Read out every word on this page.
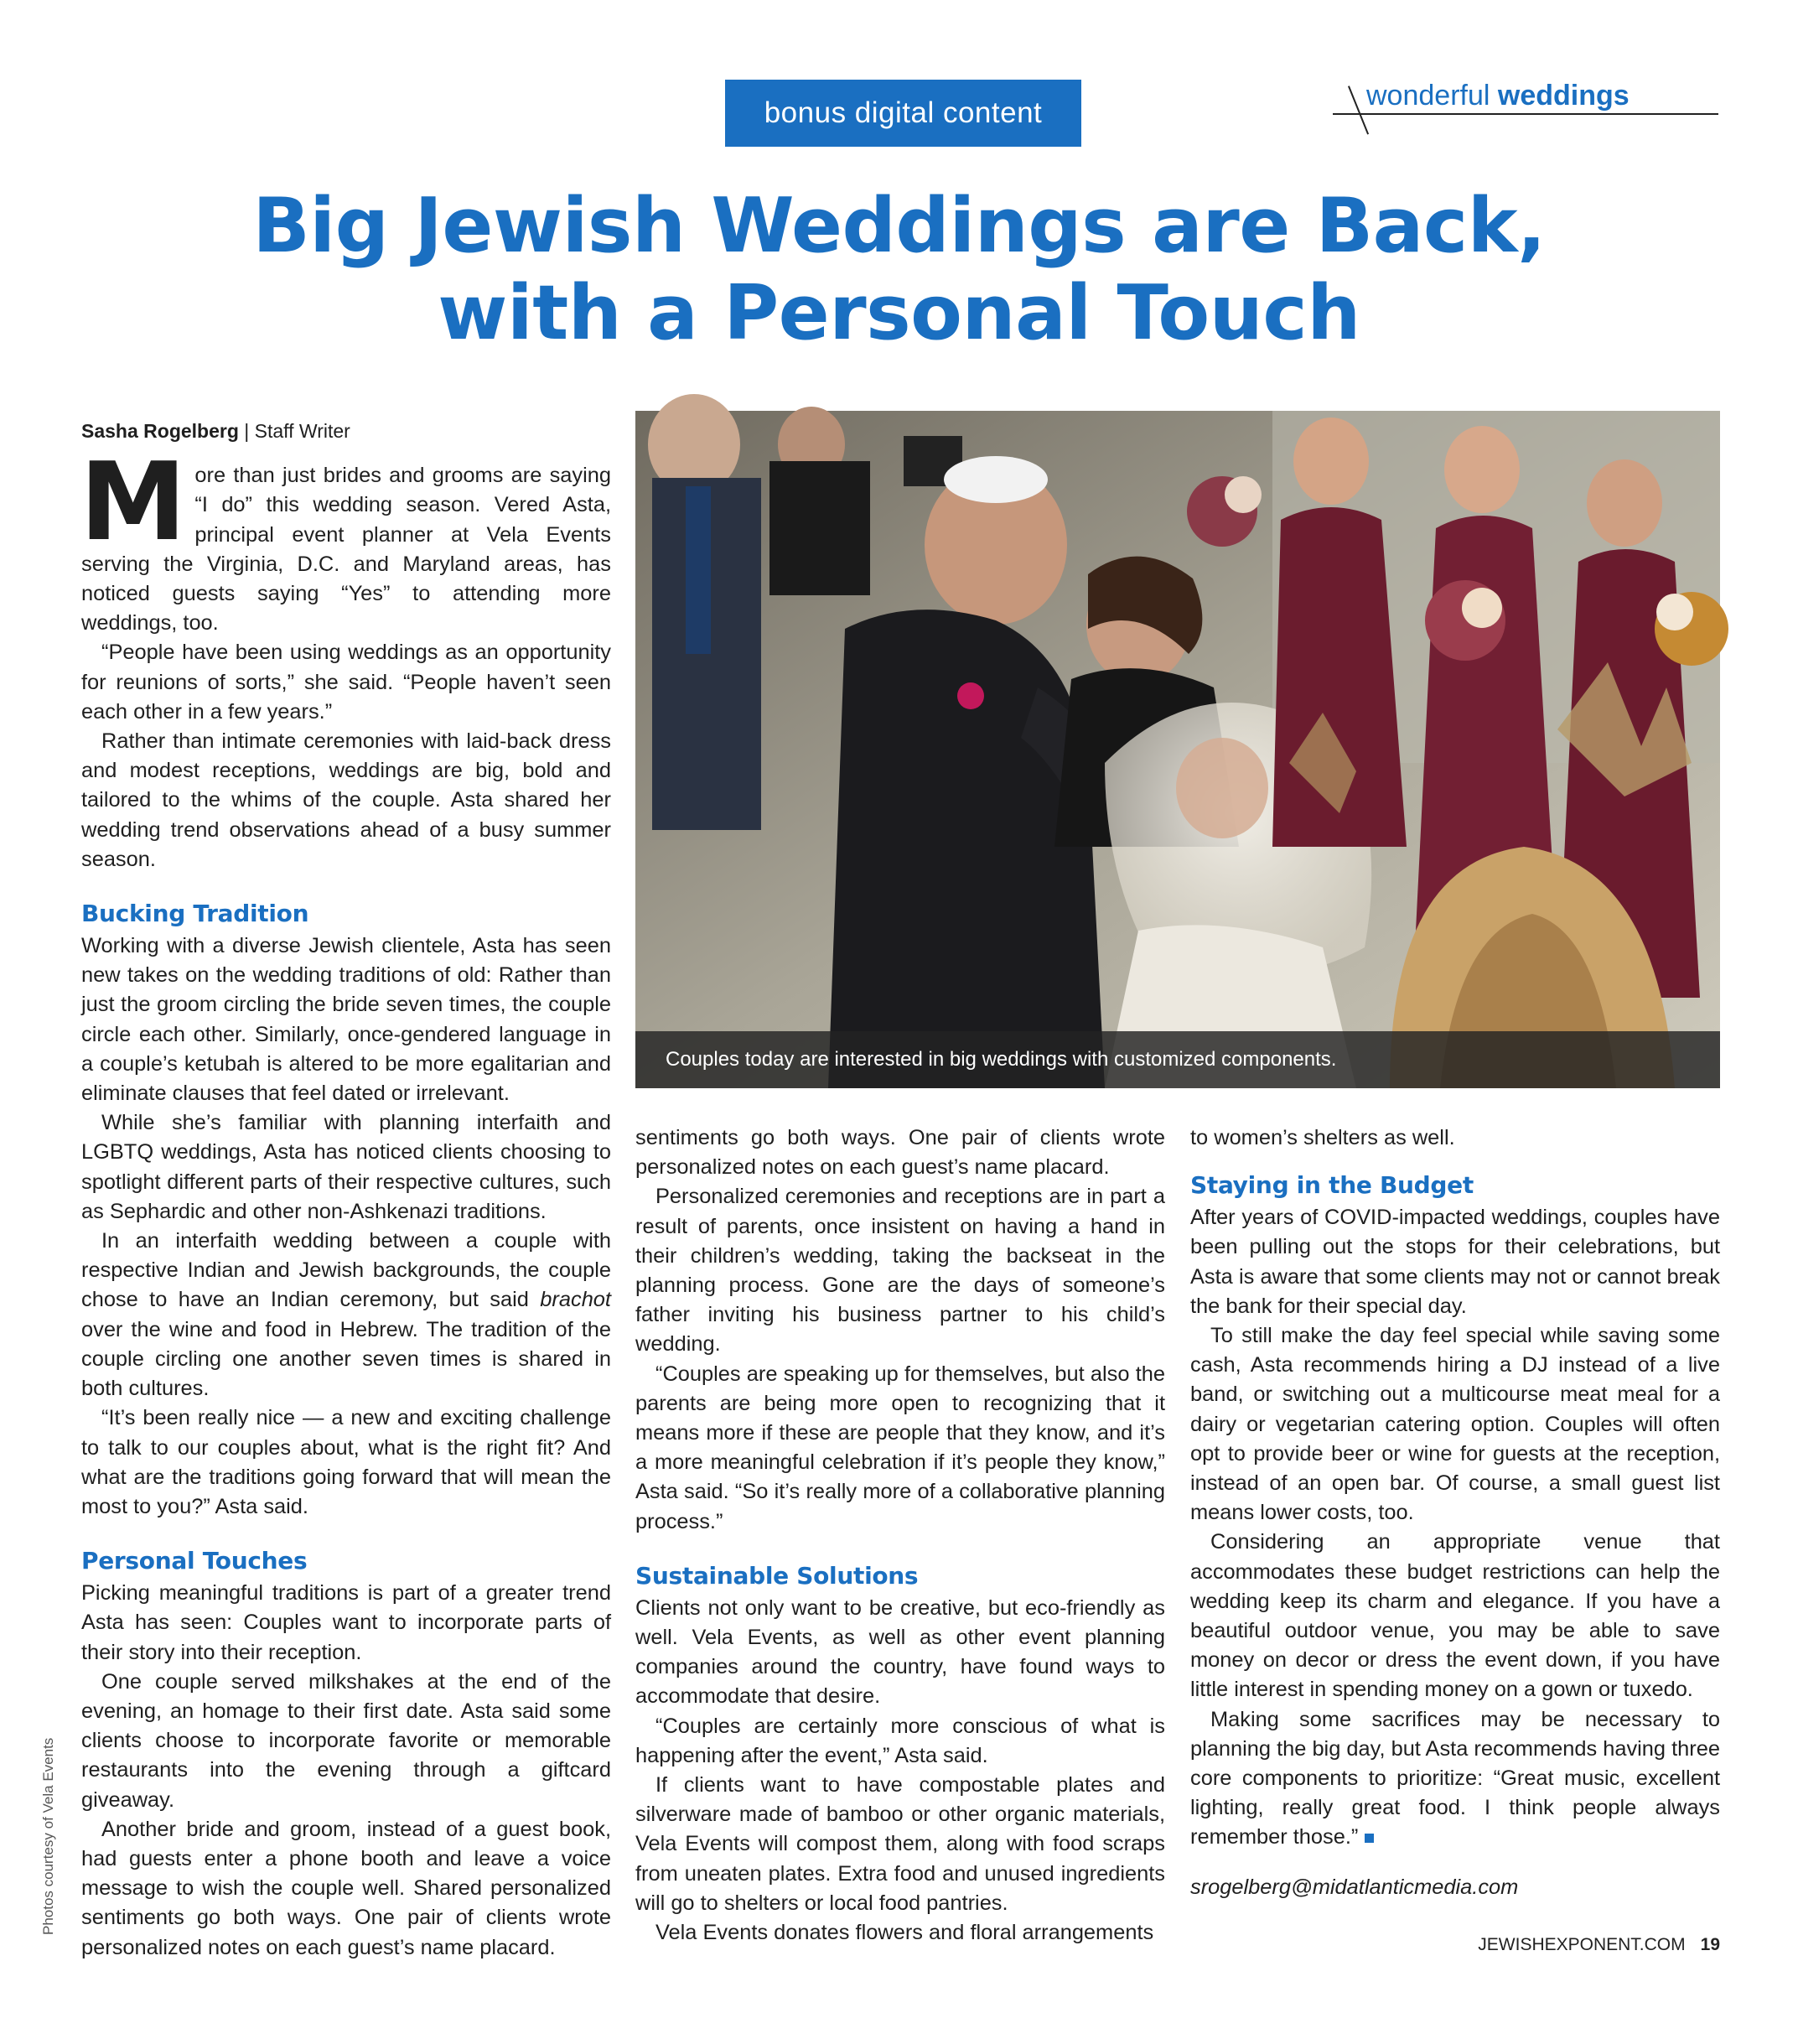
bonus digital content
wonderful weddings
Big Jewish Weddings are Back,
with a Personal Touch
Sasha Rogelberg | Staff Writer

More than just brides and grooms are saying “I do” this wedding season. Vered Asta, principal event planner at Vela Events serving the Virginia, D.C. and Maryland areas, has noticed guests saying “Yes” to attending more weddings, too.

“People have been using weddings as an opportunity for reunions of sorts,” she said. “People haven’t seen each other in a few years.”

Rather than intimate ceremonies with laid-back dress and modest receptions, weddings are big, bold and tailored to the whims of the couple. Asta shared her wedding trend observations ahead of a busy summer season.

Bucking Tradition

Working with a diverse Jewish clientele, Asta has seen new takes on the wedding traditions of old: Rather than just the groom circling the bride seven times, the couple circle each other. Similarly, once-gendered language in a couple’s ketubah is altered to be more egalitarian and eliminate clauses that feel dated or irrelevant.

While she’s familiar with planning interfaith and LGBTQ weddings, Asta has noticed clients choosing to spotlight different parts of their respective cultures, such as Sephardic and other non-Ashkenazi traditions.

In an interfaith wedding between a couple with respective Indian and Jewish backgrounds, the couple chose to have an Indian ceremony, but said brachot over the wine and food in Hebrew. The tradition of the couple circling one another seven times is shared in both cultures.

“It’s been really nice — a new and exciting challenge to talk to our couples about, what is the right fit? And what are the traditions going forward that will mean the most to you?” Asta said.

Personal Touches

Picking meaningful traditions is part of a greater trend Asta has seen: Couples want to incorporate parts of their story into their reception.

One couple served milkshakes at the end of the evening, an homage to their first date. Asta said some clients choose to incorporate favorite or memorable restaurants into the evening through a giftcard giveaway.

Another bride and groom, instead of a guest book, had guests enter a phone booth and leave a voice message to wish the couple well. Shared personalized sentiments go both ways. One pair of clients wrote personalized notes on each guest’s name placard.

sentiments go both ways. One pair of clients wrote personalized notes on each guest’s name placard.

Personalized ceremonies and receptions are in part a result of parents, once insistent on having a hand in their children’s wedding, taking the backseat in the planning process. Gone are the days of someone’s father inviting his business partner to his child’s wedding.

“Couples are speaking up for themselves, but also the parents are being more open to recognizing that it means more if these are people that they know, and it’s a more meaningful celebration if it’s people they know,” Asta said. “So it’s really more of a collaborative planning process.”

Sustainable Solutions

Clients not only want to be creative, but eco-friendly as well. Vela Events, as well as other event planning companies around the country, have found ways to accommodate that desire.

“Couples are certainly more conscious of what is happening after the event,” Asta said.

If clients want to have compostable plates and silverware made of bamboo or other organic materials, Vela Events will compost them, along with food scraps from uneaten plates. Extra food and unused ingredients will go to shelters or local food pantries.

Vela Events donates flowers and floral arrangements

to women’s shelters as well.

Staying in the Budget

After years of COVID-impacted weddings, couples have been pulling out the stops for their celebrations, but Asta is aware that some clients may not or cannot break the bank for their special day.

To still make the day feel special while saving some cash, Asta recommends hiring a DJ instead of a live band, or switching out a multicourse meat meal for a dairy or vegetarian catering option. Couples will often opt to provide beer or wine for guests at the reception, instead of an open bar. Of course, a small guest list means lower costs, too.

Considering an appropriate venue that accommodates these budget restrictions can help the wedding keep its charm and elegance. If you have a beautiful outdoor venue, you may be able to save money on decor or dress the event down, if you have little interest in spending money on a gown or tuxedo.

Making some sacrifices may be necessary to planning the big day, but Asta recommends having three core components to prioritize: “Great music, excellent lighting, really great food. I think people always remember those.”

srogelberg@midatlanticmedia.com

Couples today are interested in big weddings with customized components.
Photos courtesy of Vela Events
JEWISHEXPONENT.COM 19
